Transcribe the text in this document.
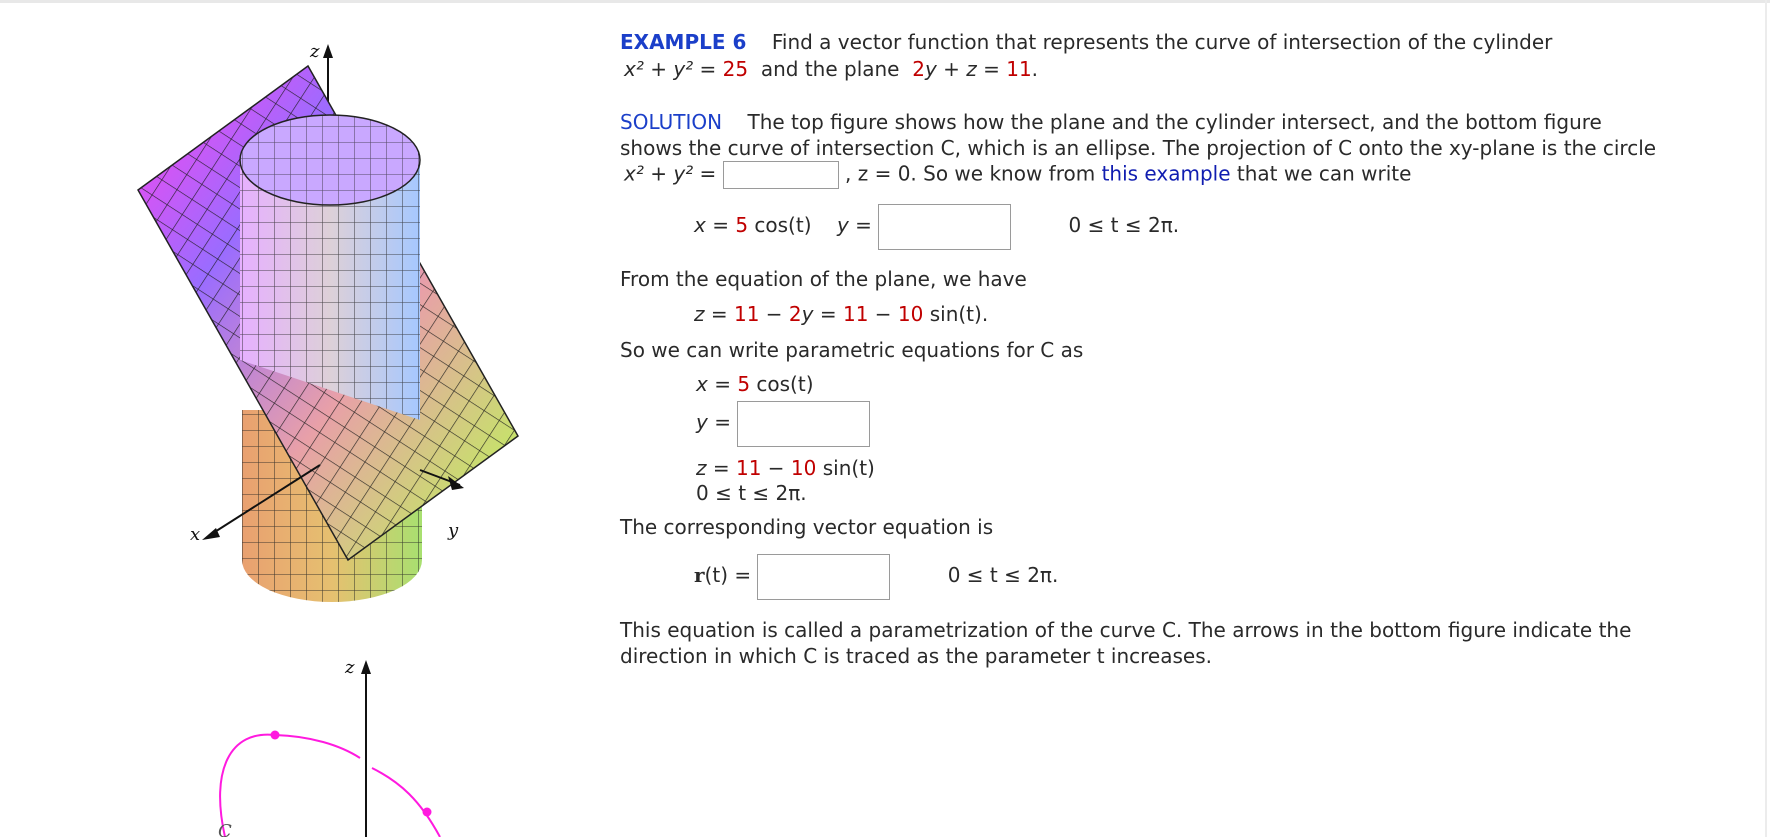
z
x	y
z
C
EXAMPLE 6 Find a vector function that represents the curve of intersection of the cylinder
x² + y² = 25 and the plane 2y + z = 11.
SOLUTION The top figure shows how the plane and the cylinder intersect, and the bottom figure
shows the curve of intersection C, which is an ellipse. The projection of C onto the xy-plane is the circle
x² + y² =	, z = 0. So we know from this example that we can write
x = 5 cos(t) y =	0 ≤ t ≤ 2π.
From the equation of the plane, we have
z = 11 − 2y = 11 − 10 sin(t).
So we can write parametric equations for C as
x = 5 cos(t)
y =
z = 11 − 10 sin(t)
0 ≤ t ≤ 2π.
The corresponding vector equation is
r(t) =	0 ≤ t ≤ 2π.
This equation is called a parametrization of the curve C. The arrows in the bottom figure indicate the
direction in which C is traced as the parameter t increases.
